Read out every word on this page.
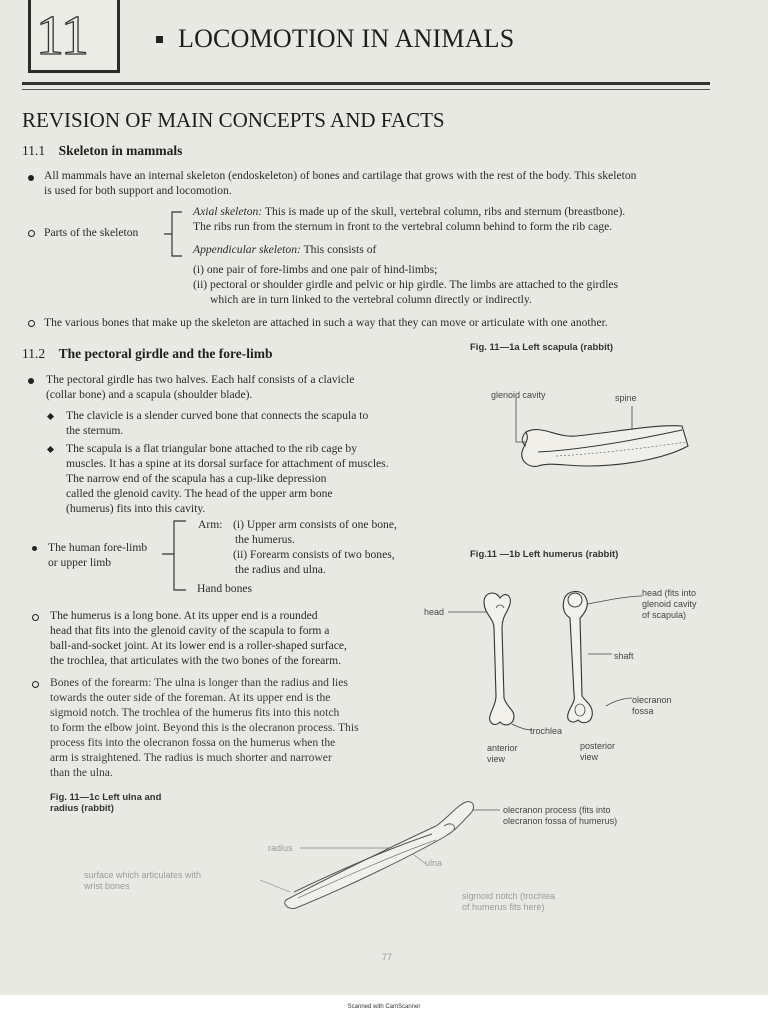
11	LOCOMOTION IN ANIMALS
REVISION OF MAIN CONCEPTS AND FACTS
11.1 Skeleton in mammals
All mammals have an internal skeleton (endoskeleton) of bones and cartilage that grows with the rest of the body. This skeleton
is used for both support and locomotion.
Parts of the skeleton
Axial skeleton: This is made up of the skull, vertebral column, ribs and sternum (breastbone).
The ribs run from the sternum in front to the vertebral column behind to form the rib cage.
Appendicular skeleton: This consists of
(i) one pair of fore-limbs and one pair of hind-limbs;
(ii) pectoral or shoulder girdle and pelvic or hip girdle. The limbs are attached to the girdles
which are in turn linked to the vertebral column directly or indirectly.
The various bones that make up the skeleton are attached in such a way that they can move or articulate with one another.
11.2 The pectoral girdle and the fore-limb
The pectoral girdle has two halves. Each half consists of a clavicle
(collar bone) and a scapula (shoulder blade).
The clavicle is a slender curved bone that connects the scapula to
the sternum.
The scapula is a flat triangular bone attached to the rib cage by
muscles. It has a spine at its dorsal surface for attachment of muscles.
The narrow end of the scapula has a cup-like depression
called the glenoid cavity. The head of the upper arm bone
(humerus) fits into this cavity.
The human fore-limb
or upper limb
Arm: (i) Upper arm consists of one bone,
the humerus.
(ii) Forearm consists of two bones,
the radius and ulna.
Hand bones
The humerus is a long bone. At its upper end is a rounded
head that fits into the glenoid cavity of the scapula to form a
ball-and-socket joint. At its lower end is a roller-shaped surface,
the trochlea, that articulates with the two bones of the forearm.
Bones of the forearm: The ulna is longer than the radius and lies
towards the outer side of the foreman. At its upper end is the
sigmoid notch. The trochlea of the humerus fits into this notch
to form the elbow joint. Beyond this is the olecranon process. This
process fits into the olecranon fossa on the humerus when the
arm is straightened. The radius is much shorter and narrower
than the ulna.
Fig. 11—1a Left scapula (rabbit)
glenoid cavity	spine
Fig.11 —1b Left humerus (rabbit)
head
head (fits into
glenoid cavity
of scapula)
shaft
olecranon
fossa
trochlea
anterior
view
posterior
view
Fig. 11—1c Left ulna and
radius (rabbit)	olecranon process (fits into
olecranon fossa of humerus)
radius
ulna
surface which articulates with
wrist bones
sigmoid notch (trochlea
of humerus fits here)
77
Scanned with CamScanner
